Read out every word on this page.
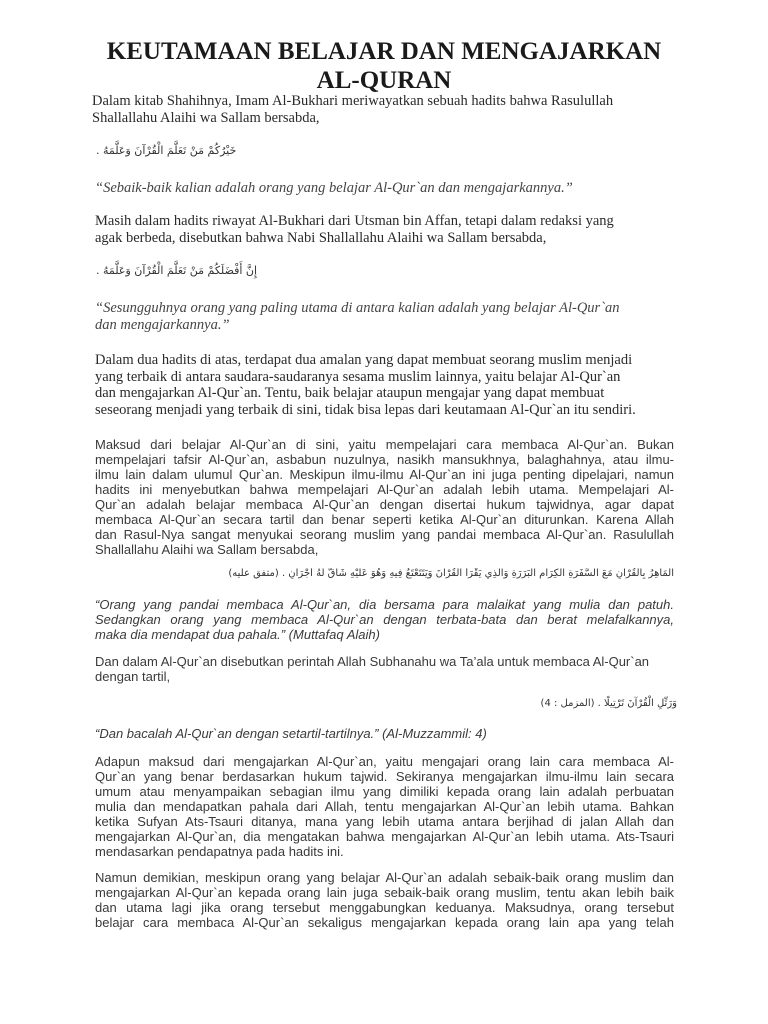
KEUTAMAAN BELAJAR DAN MENGAJARKAN
AL-QURAN

Dalam kitab Shahihnya, Imam Al-Bukhari meriwayatkan sebuah hadits bahwa Rasulullah
Shallallahu Alaihi wa Sallam bersabda,

خَيْرُكُمْ مَنْ تَعَلَّمَ الْقُرْآنَ وَعَلَّمَهُ .

“Sebaik-baik kalian adalah orang yang belajar Al-Qur`an dan mengajarkannya.”

Masih dalam hadits riwayat Al-Bukhari dari Utsman bin Affan, tetapi dalam redaksi yang
agak berbeda, disebutkan bahwa Nabi Shallallahu Alaihi wa Sallam bersabda,

إِنَّ أَفْضَلَكُمْ مَنْ تَعَلَّمَ الْقُرْآنَ وَعَلَّمَهُ .

“Sesungguhnya orang yang paling utama di antara kalian adalah yang belajar Al-Qur`an
dan mengajarkannya.”

Dalam dua hadits di atas, terdapat dua amalan yang dapat membuat seorang muslim menjadi
yang terbaik di antara saudara-saudaranya sesama muslim lainnya, yaitu belajar Al-Qur`an
dan mengajarkan Al-Qur`an. Tentu, baik belajar ataupun mengajar yang dapat membuat
seseorang menjadi yang terbaik di sini, tidak bisa lepas dari keutamaan Al-Qur`an itu sendiri.

Maksud dari belajar Al-Qur`an di sini, yaitu mempelajari cara membaca Al-Qur`an. Bukan
mempelajari tafsir Al-Qur`an, asbabun nuzulnya, nasikh mansukhnya, balaghahnya, atau ilmu-
ilmu lain dalam ulumul Qur`an. Meskipun ilmu-ilmu Al-Qur`an ini juga penting dipelajari, namun
hadits ini menyebutkan bahwa mempelajari Al-Qur`an adalah lebih utama. Mempelajari Al-
Qur`an adalah belajar membaca Al-Qur`an dengan disertai hukum tajwidnya, agar dapat
membaca Al-Qur`an secara tartil dan benar seperti ketika Al-Qur`an diturunkan. Karena Allah
dan Rasul-Nya sangat menyukai seorang muslim yang pandai membaca Al-Qur`an. Rasulullah
Shallallahu Alaihi wa Sallam bersabda,

الْمَاهِرُ بِالْقُرْآنِ مَعَ السَّفَرَةِ الْكِرَامِ الْبَرَرَةِ وَالَّذِي يَقْرَأُ الْقُرْآنَ وَيَتَتَعْتَعُ فِيهِ وَهُوَ عَلَيْهِ شَاقٌّ لَهُ أَجْرَانِ . (متفق عليه)

“Orang yang pandai membaca Al-Qur`an, dia bersama para malaikat yang mulia dan patuh.
Sedangkan orang yang membaca Al-Qur`an dengan terbata-bata dan berat melafalkannya,
maka dia mendapat dua pahala.” (Muttafaq Alaih)

Dan dalam Al-Qur`an disebutkan perintah Allah Subhanahu wa Ta’ala untuk membaca Al-Qur`an
dengan tartil,

وَرَتِّلِ الْقُرْآنَ تَرْتِيلًا . (المزمل : 4)

“Dan bacalah Al-Qur`an dengan setartil-tartilnya.” (Al-Muzzammil: 4)

Adapun maksud dari mengajarkan Al-Qur`an, yaitu mengajari orang lain cara membaca Al-
Qur`an yang benar berdasarkan hukum tajwid. Sekiranya mengajarkan ilmu-ilmu lain secara
umum atau menyampaikan sebagian ilmu yang dimiliki kepada orang lain adalah perbuatan
mulia dan mendapatkan pahala dari Allah, tentu mengajarkan Al-Qur`an lebih utama. Bahkan
ketika Sufyan Ats-Tsauri ditanya, mana yang lebih utama antara berjihad di jalan Allah dan
mengajarkan Al-Qur`an, dia mengatakan bahwa mengajarkan Al-Qur`an lebih utama. Ats-Tsauri
mendasarkan pendapatnya pada hadits ini.

Namun demikian, meskipun orang yang belajar Al-Qur`an adalah sebaik-baik orang muslim dan
mengajarkan Al-Qur`an kepada orang lain juga sebaik-baik orang muslim, tentu akan lebih baik
dan utama lagi jika orang tersebut menggabungkan keduanya. Maksudnya, orang tersebut
belajar cara membaca Al-Qur`an sekaligus mengajarkan kepada orang lain apa yang telah
